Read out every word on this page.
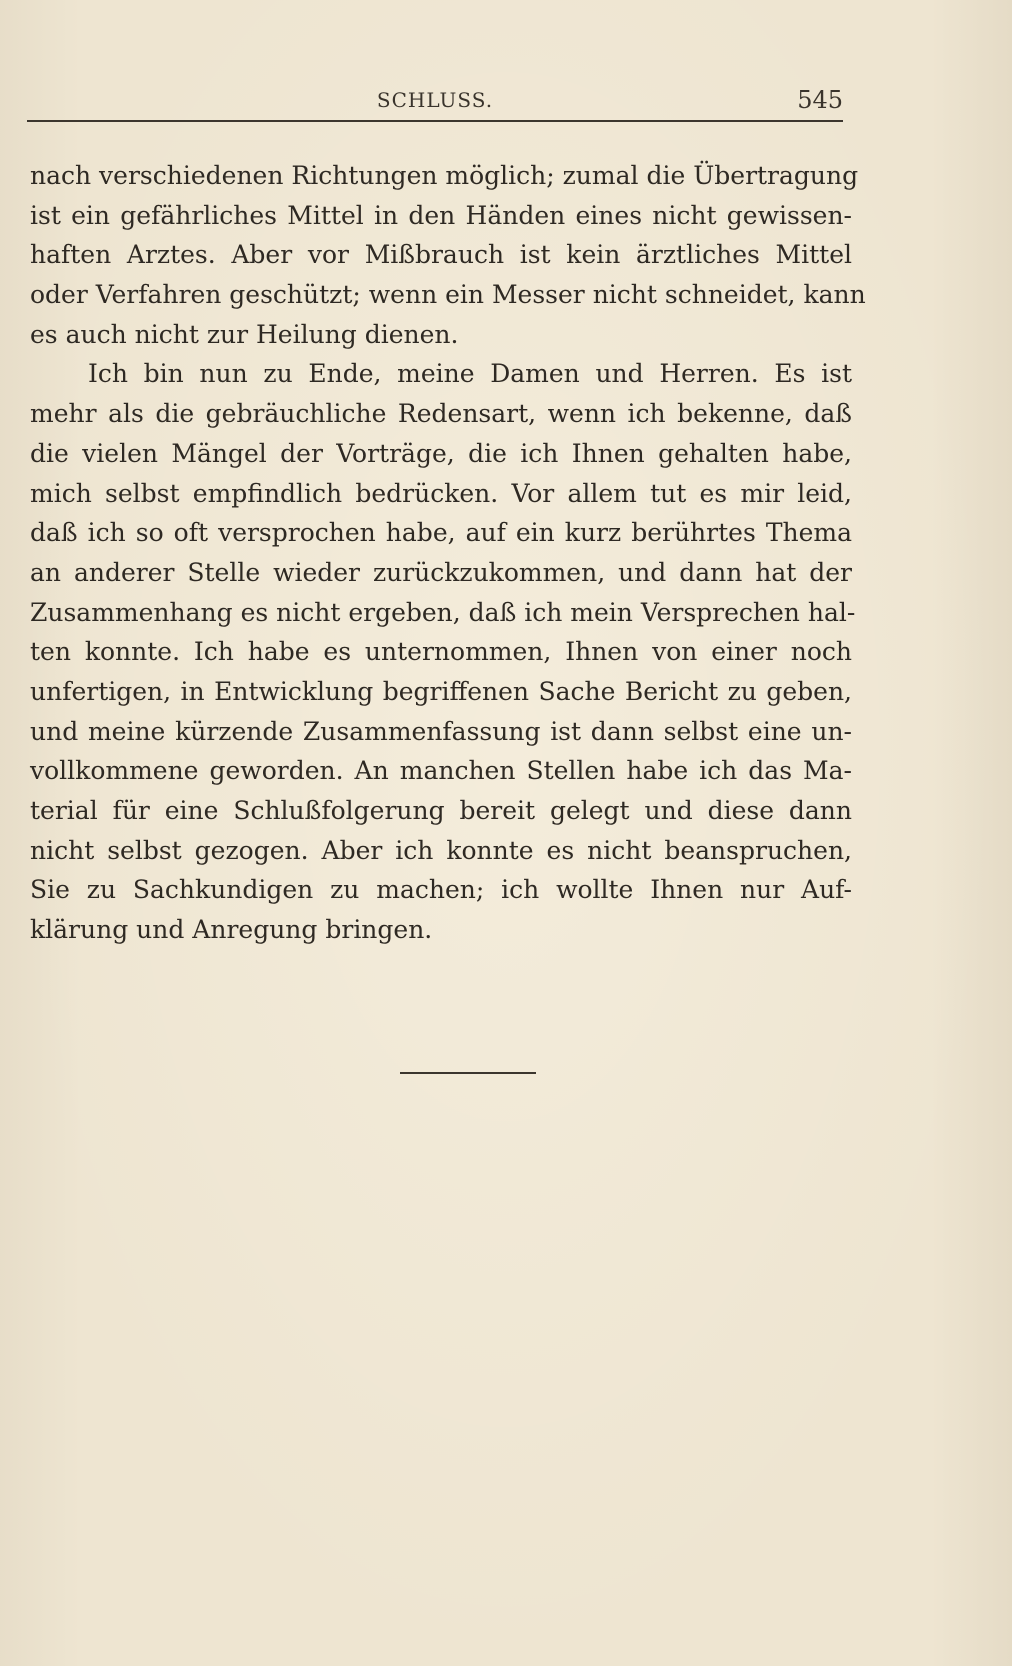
SCHLUSS.	545
nach verschiedenen Richtungen möglich; zumal die Übertragung
ist ein gefährliches Mittel in den Händen eines nicht gewissen-
haften Arztes. Aber vor Mißbrauch ist kein ärztliches Mittel
oder Verfahren geschützt; wenn ein Messer nicht schneidet, kann
es auch nicht zur Heilung dienen.
Ich bin nun zu Ende, meine Damen und Herren. Es ist
mehr als die gebräuchliche Redensart, wenn ich bekenne, daß
die vielen Mängel der Vorträge, die ich Ihnen gehalten habe,
mich selbst empfindlich bedrücken. Vor allem tut es mir leid,
daß ich so oft versprochen habe, auf ein kurz berührtes Thema
an anderer Stelle wieder zurückzukommen, und dann hat der
Zusammenhang es nicht ergeben, daß ich mein Versprechen hal-
ten konnte. Ich habe es unternommen, Ihnen von einer noch
unfertigen, in Entwicklung begriffenen Sache Bericht zu geben,
und meine kürzende Zusammenfassung ist dann selbst eine un-
vollkommene geworden. An manchen Stellen habe ich das Ma-
terial für eine Schlußfolgerung bereit gelegt und diese dann
nicht selbst gezogen. Aber ich konnte es nicht beanspruchen,
Sie zu Sachkundigen zu machen; ich wollte Ihnen nur Auf-
klärung und Anregung bringen.
